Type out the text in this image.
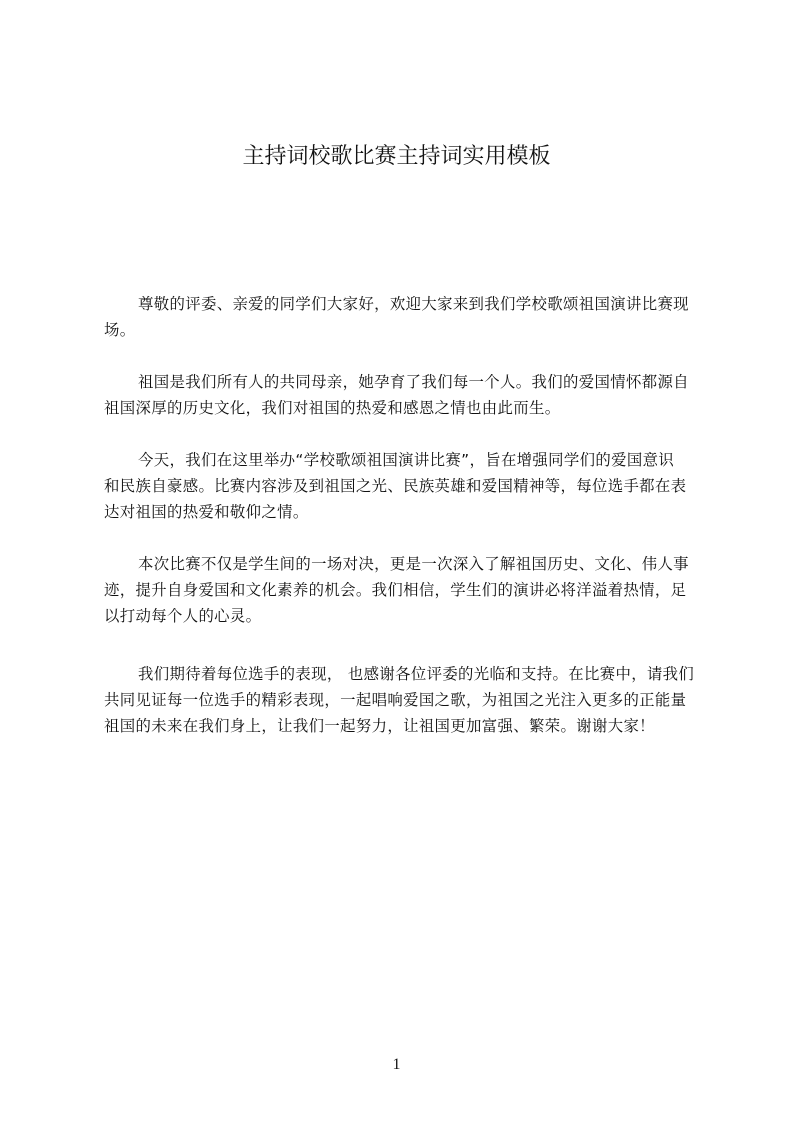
主持词校歌比赛主持词实用模板

尊敬的评委、亲爱的同学们大家好，欢迎大家来到我们学校歌颂祖国演讲比赛现
场。

祖国是我们所有人的共同母亲，她孕育了我们每一个人。我们的爱国情怀都源自
祖国深厚的历史文化，我们对祖国的热爱和感恩之情也由此而生。

今天，我们在这里举办“学校歌颂祖国演讲比赛”，旨在增强同学们的爱国意识
和民族自豪感。比赛内容涉及到祖国之光、民族英雄和爱国精神等，每位选手都在表
达对祖国的热爱和敬仰之情。

本次比赛不仅是学生间的一场对决，更是一次深入了解祖国历史、文化、伟人事
迹，提升自身爱国和文化素养的机会。我们相信，学生们的演讲必将洋溢着热情，足
以打动每个人的心灵。

我们期待着每位选手的表现， 也感谢各位评委的光临和支持。在比赛中，请我们
共同见证每一位选手的精彩表现，一起唱响爱国之歌，为祖国之光注入更多的正能量
祖国的未来在我们身上，让我们一起努力，让祖国更加富强、繁荣。谢谢大家！

1
